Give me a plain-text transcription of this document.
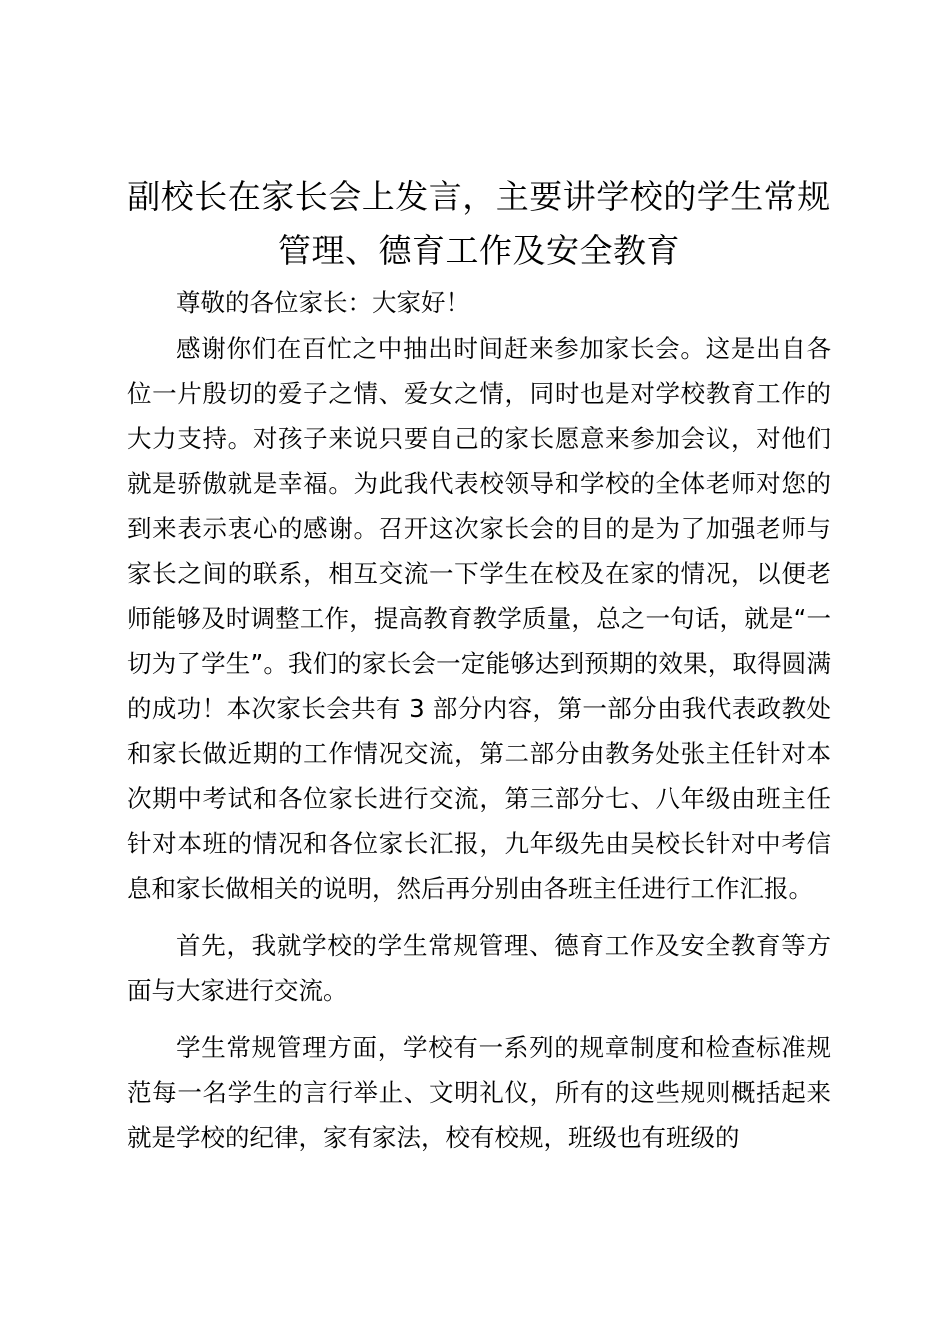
副校长在家长会上发言，主要讲学校的学生常规管理、德育工作及安全教育

尊敬的各位家长：大家好！

感谢你们在百忙之中抽出时间赶来参加家长会。这是出自各位一片殷切的爱子之情、爱女之情，同时也是对学校教育工作的大力支持。对孩子来说只要自己的家长愿意来参加会议，对他们就是骄傲就是幸福。为此我代表校领导和学校的全体老师对您的到来表示衷心的感谢。召开这次家长会的目的是为了加强老师与家长之间的联系，相互交流一下学生在校及在家的情况，以便老师能够及时调整工作，提高教育教学质量，总之一句话，就是“一切为了学生”。我们的家长会一定能够达到预期的效果，取得圆满的成功！本次家长会共有 3 部分内容，第一部分由我代表政教处和家长做近期的工作情况交流，第二部分由教务处张主任针对本次期中考试和各位家长进行交流，第三部分七、八年级由班主任针对本班的情况和各位家长汇报，九年级先由吴校长针对中考信息和家长做相关的说明，然后再分别由各班主任进行工作汇报。

首先，我就学校的学生常规管理、德育工作及安全教育等方面与大家进行交流。

学生常规管理方面，学校有一系列的规章制度和检查标准规范每一名学生的言行举止、文明礼仪，所有的这些规则概括起来就是学校的纪律，家有家法，校有校规，班级也有班级的
